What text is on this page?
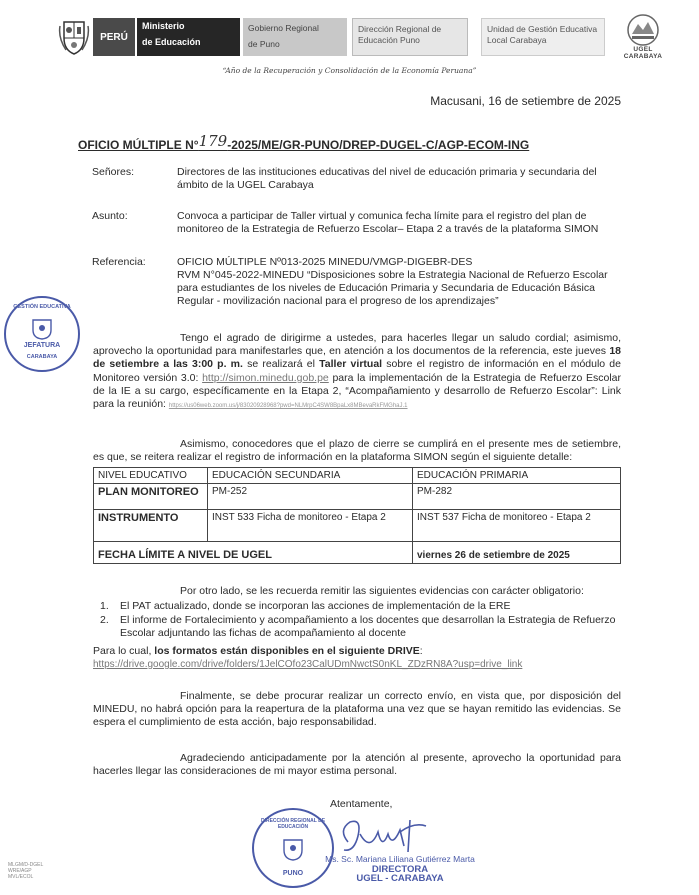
PERÚ
Ministerio
de Educación
Gobierno Regional
de Puno
Dirección Regional de
Educación Puno
Unidad de Gestión Educativa
Local Carabaya
UGEL CARABAYA
“Año de la Recuperación y Consolidación de la Economía Peruana”
Macusani, 16 de setiembre de 2025
OFICIO MÚLTIPLE N°179-2025/ME/GR-PUNO/DREP-DUGEL-C/AGP-ECOM-ING
Señores:	Directores de las instituciones educativas del nivel de educación primaria y secundaria del
ámbito de la UGEL Carabaya
Asunto:	Convoca a participar de Taller virtual y comunica fecha límite para el registro del plan de
monitoreo de la Estrategia de Refuerzo Escolar– Etapa 2 a través de la plataforma SIMON
Referencia:	OFICIO MÚLTIPLE Nº013-2025 MINEDU/VMGP-DIGEBR-DES
RVM N°045-2022-MINEDU “Disposiciones sobre la Estrategia Nacional de Refuerzo Escolar
para estudiantes de los niveles de Educación Primaria y Secundaria de Educación Básica
Regular - movilización nacional para el progreso de los aprendizajes”
GESTIÓN EDUCATIVA
JEFATURA
CARABAYA
Tengo el agrado de dirigirme a ustedes, para hacerles llegar un saludo cordial; asimismo, aprovecho la oportunidad para manifestarles que, en atención a los documentos de la referencia, este jueves 18 de setiembre a las 3:00 p. m. se realizará el Taller virtual sobre el registro de información en el módulo de Monitoreo versión 3.0: http://simon.minedu.gob.pe para la implementación de la Estrategia de Refuerzo Escolar de la IE a su cargo, específicamente en la Etapa 2, “Acompañamiento y desarrollo de Refuerzo Escolar”: Link para la reunión: https://us06web.zoom.us/j/83020928968?pwd=NLMrpC4SW8BpaLx8MBevaRkFMGhaJ.1
Asimismo, conocedores que el plazo de cierre se cumplirá en el presente mes de setiembre, es que, se reitera realizar el registro de información en la plataforma SIMON según el siguiente detalle:
NIVEL EDUCATIVO	EDUCACIÓN SECUNDARIA	EDUCACIÓN PRIMARIA
PLAN MONITOREO	PM-252	PM-282
INSTRUMENTO	INST 533 Ficha de monitoreo - Etapa 2	INST 537 Ficha de monitoreo - Etapa 2
FECHA LÍMITE A NIVEL DE UGEL		viernes 26 de setiembre de 2025
Por otro lado, se les recuerda remitir las siguientes evidencias con carácter obligatorio:
1. El PAT actualizado, donde se incorporan las acciones de implementación de la ERE
2. El informe de Fortalecimiento y acompañamiento a los docentes que desarrollan la Estrategia de Refuerzo
Escolar adjuntando las fichas de acompañamiento al docente
Para lo cual, los formatos están disponibles en el siguiente DRIVE:
https://drive.google.com/drive/folders/1JelCOfo23CalUDmNwctS0nKL_ZDzRN8A?usp=drive_link
Finalmente, se debe procurar realizar un correcto envío, en vista que, por disposición del MINEDU, no habrá opción para la reapertura de la plataforma una vez que se hayan remitido las evidencias. Se espera el cumplimiento de esta acción, bajo responsabilidad.
Agradeciendo anticipadamente por la atención al presente, aprovecho la oportunidad para hacerles llegar las consideraciones de mi mayor estima personal.
Atentamente,
DIRECCIÓN REGIONAL DE EDUCACIÓN
PUNO
Ms. Sc. Mariana Liliana Gutiérrez Marta
DIRECTORA
UGEL - CARABAYA
MLGM/D-DGEL
WRE/AGP
MVL/ECOL
